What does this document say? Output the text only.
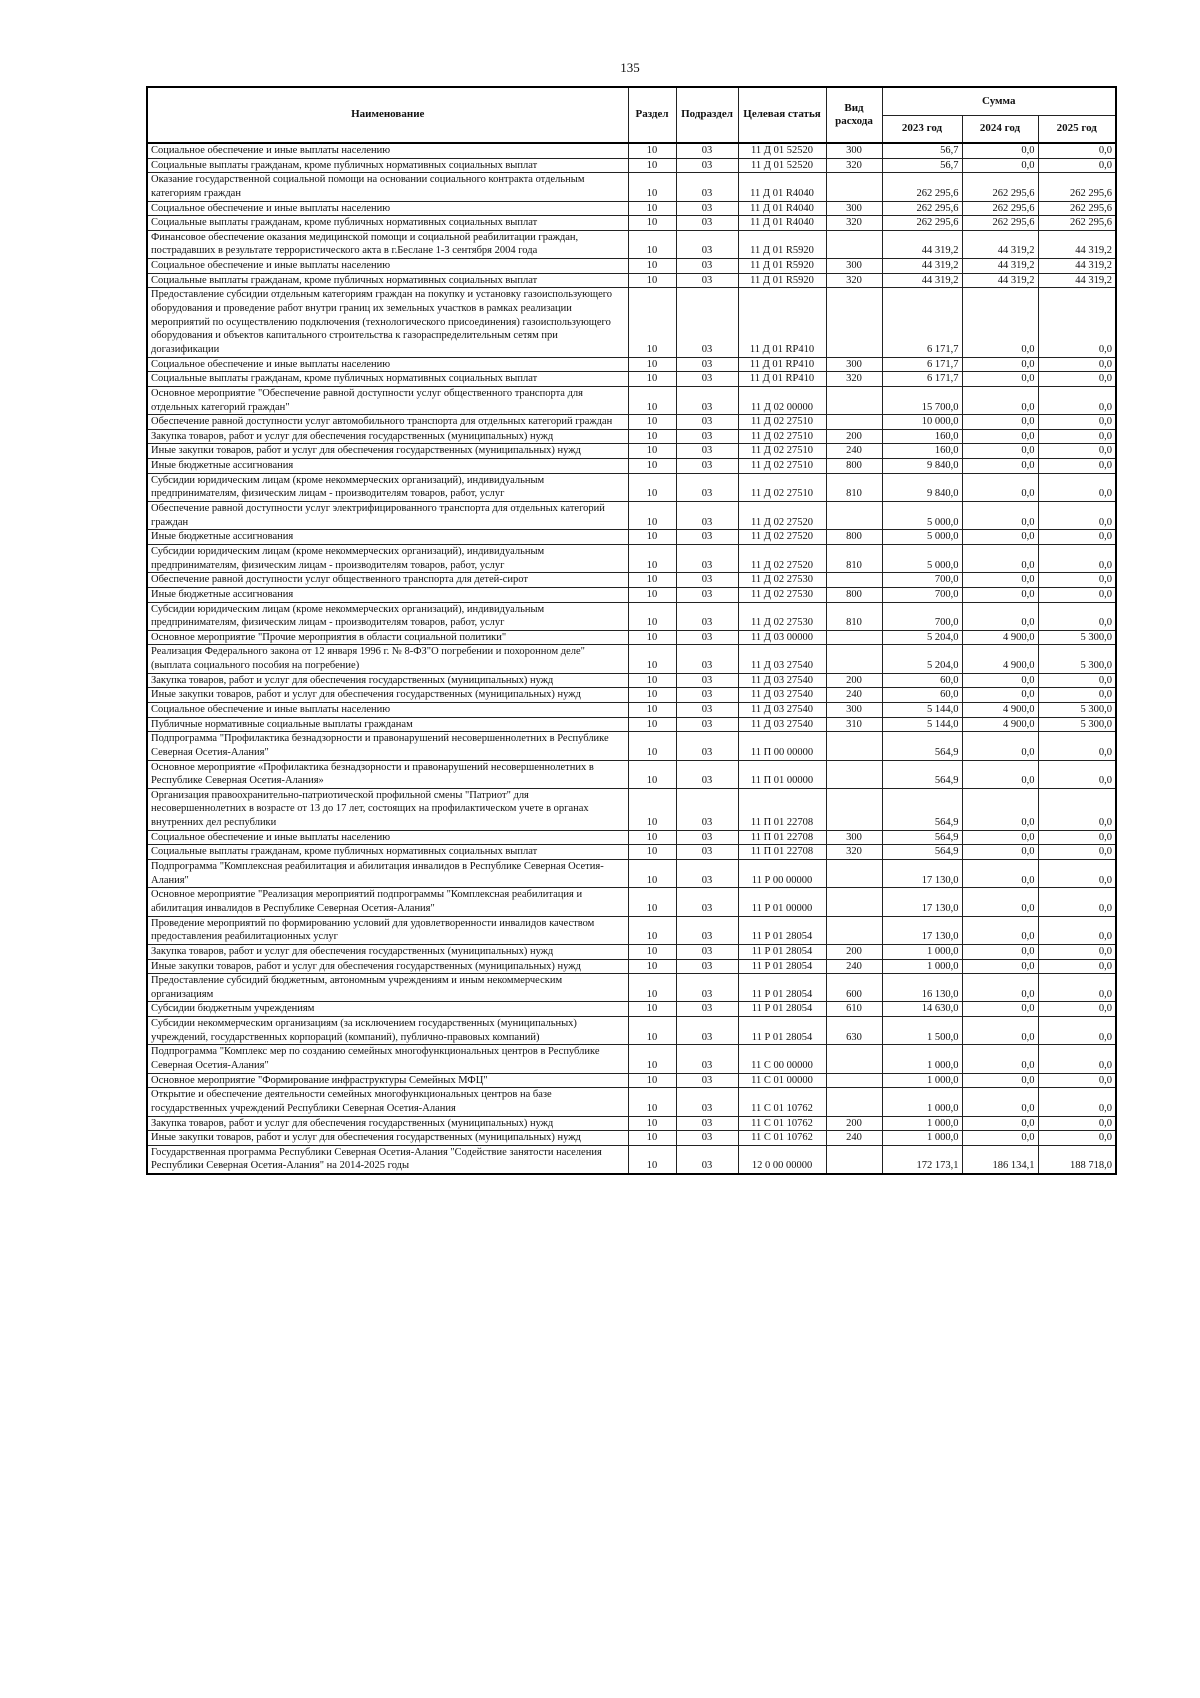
135
Наименование	Раздел	Подраздел	Целевая статья	Вид расхода	Сумма		
					2023 год	2024 год	2025 год
Социальное обеспечение и иные выплаты населению	10	03	11 Д 01 52520	300	56,7	0,0	0,0
Социальные выплаты гражданам, кроме публичных нормативных социальных выплат	10	03	11 Д 01 52520	320	56,7	0,0	0,0
Оказание государственной социальной помощи на основании социального контракта отдельным категориям граждан	10	03	11 Д 01 R4040		262 295,6	262 295,6	262 295,6
Социальное обеспечение и иные выплаты населению	10	03	11 Д 01 R4040	300	262 295,6	262 295,6	262 295,6
Социальные выплаты гражданам, кроме публичных нормативных социальных выплат	10	03	11 Д 01 R4040	320	262 295,6	262 295,6	262 295,6
Финансовое обеспечение оказания медицинской помощи и социальной реабилитации граждан, пострадавших в результате террористического акта в г.Беслане 1-3 сентября 2004 года	10	03	11 Д 01 R5920		44 319,2	44 319,2	44 319,2
Социальное обеспечение и иные выплаты населению	10	03	11 Д 01 R5920	300	44 319,2	44 319,2	44 319,2
Социальные выплаты гражданам, кроме публичных нормативных социальных выплат	10	03	11 Д 01 R5920	320	44 319,2	44 319,2	44 319,2
Предоставление субсидии отдельным категориям граждан на покупку и установку газоиспользующего оборудования и проведение работ внутри границ их земельных участков в рамках реализации мероприятий по осуществлению подключения (технологического присоединения) газоиспользующего оборудования и объектов капитального строительства к газораспределительным сетям при догазификации	10	03	11 Д 01 RP410		6 171,7	0,0	0,0
Социальное обеспечение и иные выплаты населению	10	03	11 Д 01 RP410	300	6 171,7	0,0	0,0
Социальные выплаты гражданам, кроме публичных нормативных социальных выплат	10	03	11 Д 01 RP410	320	6 171,7	0,0	0,0
Основное мероприятие "Обеспечение равной доступности услуг общественного транспорта для отдельных категорий граждан"	10	03	11 Д 02 00000		15 700,0	0,0	0,0
Обеспечение равной доступности услуг автомобильного транспорта для отдельных категорий граждан	10	03	11 Д 02 27510		10 000,0	0,0	0,0
Закупка товаров, работ и услуг для обеспечения государственных (муниципальных) нужд	10	03	11 Д 02 27510	200	160,0	0,0	0,0
Иные закупки товаров, работ и услуг для обеспечения государственных (муниципальных) нужд	10	03	11 Д 02 27510	240	160,0	0,0	0,0
Иные бюджетные ассигнования	10	03	11 Д 02 27510	800	9 840,0	0,0	0,0
Субсидии юридическим лицам (кроме некоммерческих организаций), индивидуальным предпринимателям, физическим лицам - производителям товаров, работ, услуг	10	03	11 Д 02 27510	810	9 840,0	0,0	0,0
Обеспечение равной доступности услуг электрифицированного транспорта для отдельных категорий граждан	10	03	11 Д 02 27520		5 000,0	0,0	0,0
Иные бюджетные ассигнования	10	03	11 Д 02 27520	800	5 000,0	0,0	0,0
Субсидии юридическим лицам (кроме некоммерческих организаций), индивидуальным предпринимателям, физическим лицам - производителям товаров, работ, услуг	10	03	11 Д 02 27520	810	5 000,0	0,0	0,0
Обеспечение равной доступности услуг общественного транспорта для детей-сирот	10	03	11 Д 02 27530		700,0	0,0	0,0
Иные бюджетные ассигнования	10	03	11 Д 02 27530	800	700,0	0,0	0,0
Субсидии юридическим лицам (кроме некоммерческих организаций), индивидуальным предпринимателям, физическим лицам - производителям товаров, работ, услуг	10	03	11 Д 02 27530	810	700,0	0,0	0,0
Основное мероприятие "Прочие мероприятия в области социальной политики"	10	03	11 Д 03 00000		5 204,0	4 900,0	5 300,0
Реализация Федерального закона от 12 января 1996 г. № 8-ФЗ"О погребении и похоронном деле" (выплата социального пособия на погребение)	10	03	11 Д 03 27540		5 204,0	4 900,0	5 300,0
Закупка товаров, работ и услуг для обеспечения государственных (муниципальных) нужд	10	03	11 Д 03 27540	200	60,0	0,0	0,0
Иные закупки товаров, работ и услуг для обеспечения государственных (муниципальных) нужд	10	03	11 Д 03 27540	240	60,0	0,0	0,0
Социальное обеспечение и иные выплаты населению	10	03	11 Д 03 27540	300	5 144,0	4 900,0	5 300,0
Публичные нормативные социальные выплаты гражданам	10	03	11 Д 03 27540	310	5 144,0	4 900,0	5 300,0
Подпрограмма "Профилактика безнадзорности и правонарушений несовершеннолетних в Республике Северная Осетия-Алания"	10	03	11 П 00 00000		564,9	0,0	0,0
Основное мероприятие «Профилактика безнадзорности и правонарушений несовершеннолетних в Республике Северная Осетия-Алания»	10	03	11 П 01 00000		564,9	0,0	0,0
Организация правоохранительно-патриотической профильной смены "Патриот" для несовершеннолетних в возрасте от 13 до 17 лет, состоящих на профилактическом учете в органах внутренних дел республики	10	03	11 П 01 22708		564,9	0,0	0,0
Социальное обеспечение и иные выплаты населению	10	03	11 П 01 22708	300	564,9	0,0	0,0
Социальные выплаты гражданам, кроме публичных нормативных социальных выплат	10	03	11 П 01 22708	320	564,9	0,0	0,0
Подпрограмма "Комплексная реабилитация и абилитация инвалидов в Республике Северная Осетия-Алания"	10	03	11 Р 00 00000		17 130,0	0,0	0,0
Основное мероприятие "Реализация мероприятий подпрограммы "Комплексная реабилитация и абилитация инвалидов в Республике Северная Осетия-Алания"	10	03	11 Р 01 00000		17 130,0	0,0	0,0
Проведение мероприятий по формированию условий для удовлетворенности инвалидов качеством предоставления реабилитационных услуг	10	03	11 Р 01 28054		17 130,0	0,0	0,0
Закупка товаров, работ и услуг для обеспечения государственных (муниципальных) нужд	10	03	11 Р 01 28054	200	1 000,0	0,0	0,0
Иные закупки товаров, работ и услуг для обеспечения государственных (муниципальных) нужд	10	03	11 Р 01 28054	240	1 000,0	0,0	0,0
Предоставление субсидий бюджетным, автономным учреждениям и иным некоммерческим организациям	10	03	11 Р 01 28054	600	16 130,0	0,0	0,0
Субсидии бюджетным учреждениям	10	03	11 Р 01 28054	610	14 630,0	0,0	0,0
Субсидии некоммерческим организациям (за исключением государственных (муниципальных) учреждений, государственных корпораций (компаний), публично-правовых компаний)	10	03	11 Р 01 28054	630	1 500,0	0,0	0,0
Подпрограмма "Комплекс мер по созданию семейных многофункциональных центров в Республике Северная Осетия-Алания"	10	03	11 С 00 00000		1 000,0	0,0	0,0
Основное мероприятие "Формирование инфраструктуры Семейных МФЦ"	10	03	11 С 01 00000		1 000,0	0,0	0,0
Открытие и обеспечение деятельности семейных многофункциональных центров на базе государственных учреждений Республики Северная Осетия-Алания	10	03	11 С 01 10762		1 000,0	0,0	0,0
Закупка товаров, работ и услуг для обеспечения государственных (муниципальных) нужд	10	03	11 С 01 10762	200	1 000,0	0,0	0,0
Иные закупки товаров, работ и услуг для обеспечения государственных (муниципальных) нужд	10	03	11 С 01 10762	240	1 000,0	0,0	0,0
Государственная программа Республики Северная Осетия-Алания "Содействие занятости населения Республики Северная Осетия-Алания" на 2014-2025 годы	10	03	12 0 00 00000		172 173,1	186 134,1	188 718,0
